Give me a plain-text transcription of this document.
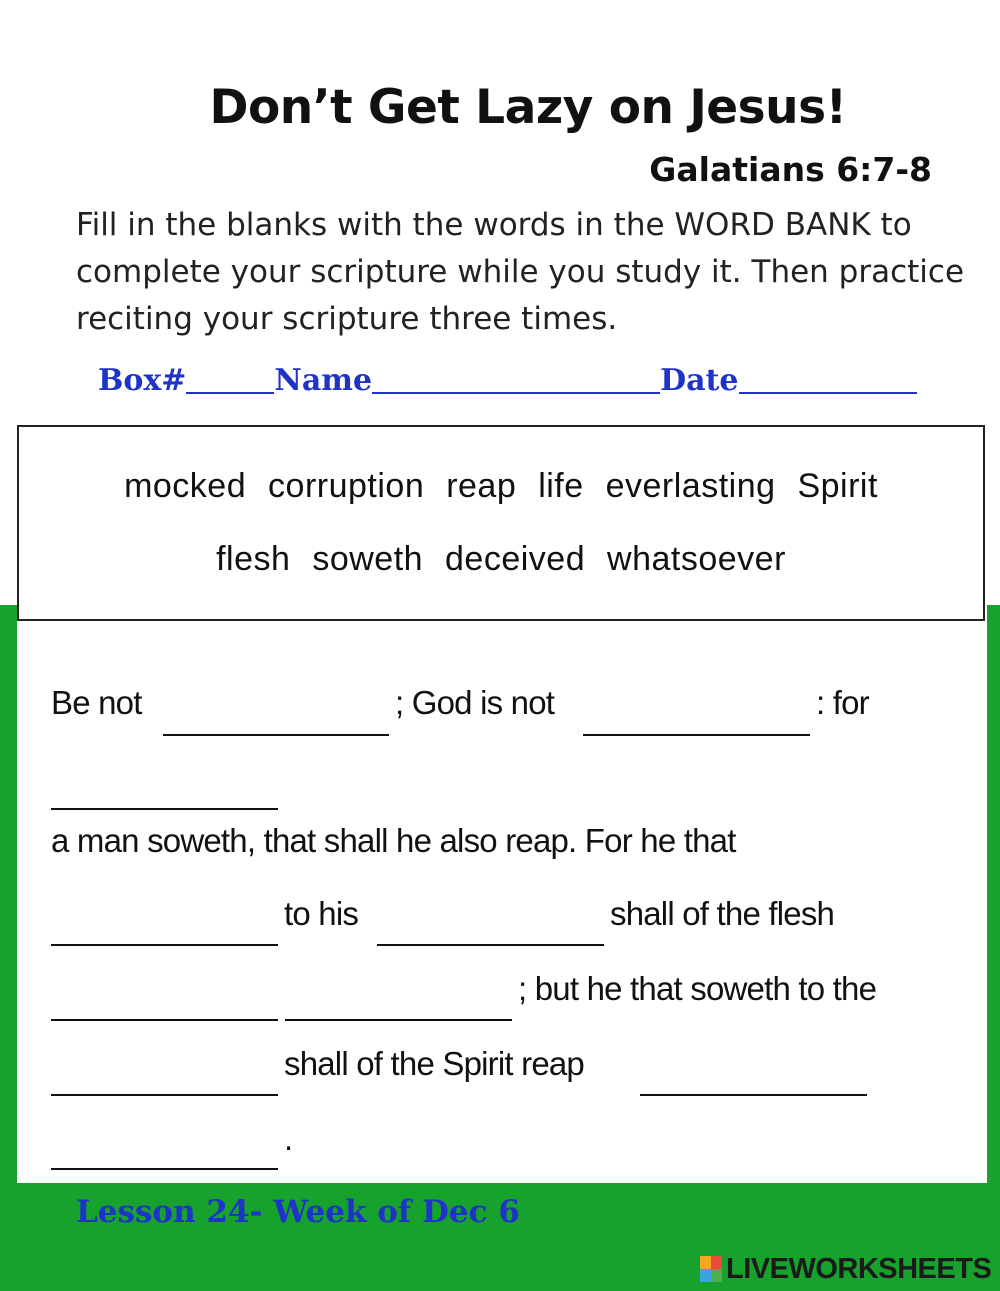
Don’t Get Lazy on Jesus!
Galatians 6:7-8
Fill in the blanks with the words in the WORD BANK to complete your scripture while you study it. Then practice reciting your scripture three times.
Box#	Name	Date
mocked corruption reap life everlasting Spirit
flesh soweth deceived whatsoever
Be not	; God is not	: for
a man soweth, that shall he also reap. For he that
to his	shall of the flesh
; but he that soweth to the
shall of the Spirit reap
.
Lesson 24- Week of Dec 6
LIVEWORKSHEETS
